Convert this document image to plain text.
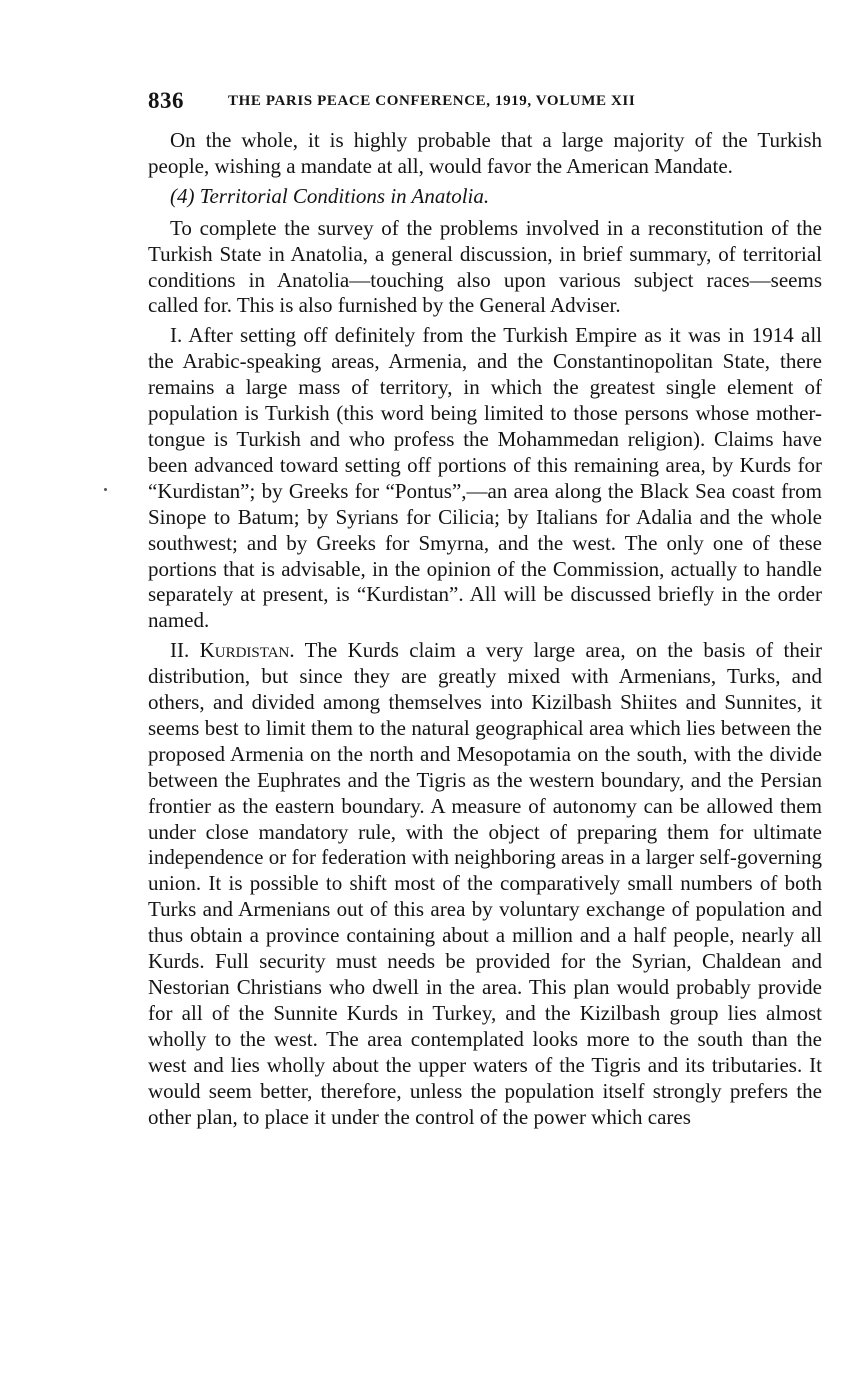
836	THE PARIS PEACE CONFERENCE, 1919, VOLUME XII

On the whole, it is highly probable that a large majority of the Turkish people, wishing a mandate at all, would favor the American Mandate.

(4) Territorial Conditions in Anatolia.

To complete the survey of the problems involved in a reconstitution of the Turkish State in Anatolia, a general discussion, in brief summary, of territorial conditions in Anatolia—touching also upon various subject races—seems called for. This is also furnished by the General Adviser.

I. After setting off definitely from the Turkish Empire as it was in 1914 all the Arabic-speaking areas, Armenia, and the Constantinopolitan State, there remains a large mass of territory, in which the greatest single element of population is Turkish (this word being limited to those persons whose mother-tongue is Turkish and who profess the Mohammedan religion). Claims have been advanced toward setting off portions of this remaining area, by Kurds for “Kurdistan”; by Greeks for “Pontus”,—an area along the Black Sea coast from Sinope to Batum; by Syrians for Cilicia; by Italians for Adalia and the whole southwest; and by Greeks for Smyrna, and the west. The only one of these portions that is advisable, in the opinion of the Commission, actually to handle separately at present, is “Kurdistan”. All will be discussed briefly in the order named.

II. Kurdistan. The Kurds claim a very large area, on the basis of their distribution, but since they are greatly mixed with Armenians, Turks, and others, and divided among themselves into Kizilbash Shiites and Sunnites, it seems best to limit them to the natural geographical area which lies between the proposed Armenia on the north and Mesopotamia on the south, with the divide between the Euphrates and the Tigris as the western boundary, and the Persian frontier as the eastern boundary. A measure of autonomy can be allowed them under close mandatory rule, with the object of preparing them for ultimate independence or for federation with neighboring areas in a larger self-governing union. It is possible to shift most of the comparatively small numbers of both Turks and Armenians out of this area by voluntary exchange of population and thus obtain a province containing about a million and a half people, nearly all Kurds. Full security must needs be provided for the Syrian, Chaldean and Nestorian Christians who dwell in the area. This plan would probably provide for all of the Sunnite Kurds in Turkey, and the Kizilbash group lies almost wholly to the west. The area contemplated looks more to the south than the west and lies wholly about the upper waters of the Tigris and its tributaries. It would seem better, therefore, unless the population itself strongly prefers the other plan, to place it under the control of the power which cares
